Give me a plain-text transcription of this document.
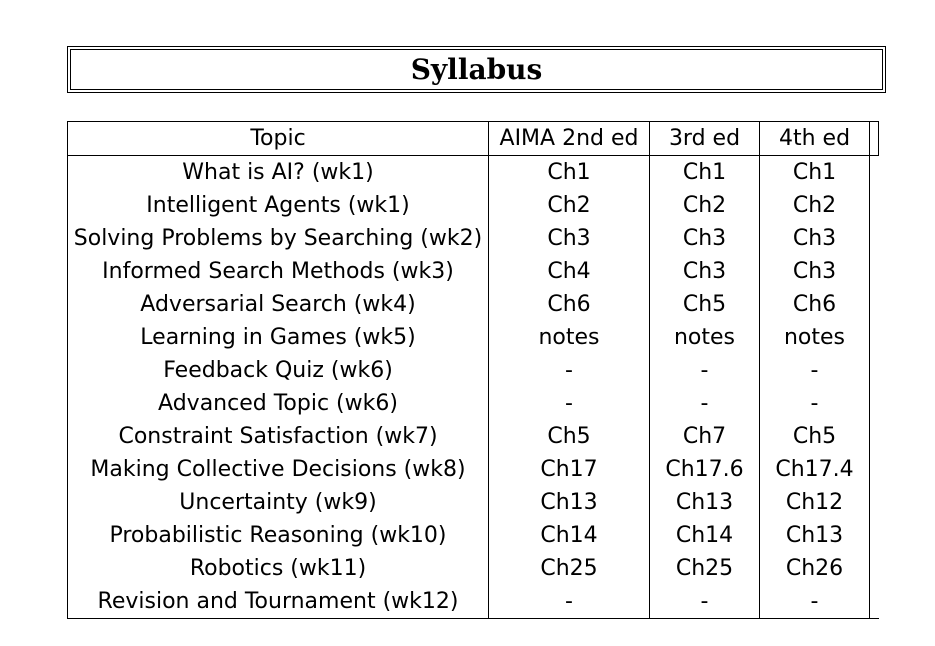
Syllabus
Topic	AIMA 2nd ed	3rd ed	4th ed	
What is AI? (wk1)	Ch1	Ch1	Ch1	
Intelligent Agents (wk1)	Ch2	Ch2	Ch2	
Solving Problems by Searching (wk2)	Ch3	Ch3	Ch3	
Informed Search Methods (wk3)	Ch4	Ch3	Ch3	
Adversarial Search (wk4)	Ch6	Ch5	Ch6	
Learning in Games (wk5)	notes	notes	notes	
Feedback Quiz (wk6)	-	-	-	
Advanced Topic (wk6)	-	-	-	
Constraint Satisfaction (wk7)	Ch5	Ch7	Ch5	
Making Collective Decisions (wk8)	Ch17	Ch17.6	Ch17.4	
Uncertainty (wk9)	Ch13	Ch13	Ch12	
Probabilistic Reasoning (wk10)	Ch14	Ch14	Ch13	
Robotics (wk11)	Ch25	Ch25	Ch26	
Revision and Tournament (wk12)	-	-	-	
